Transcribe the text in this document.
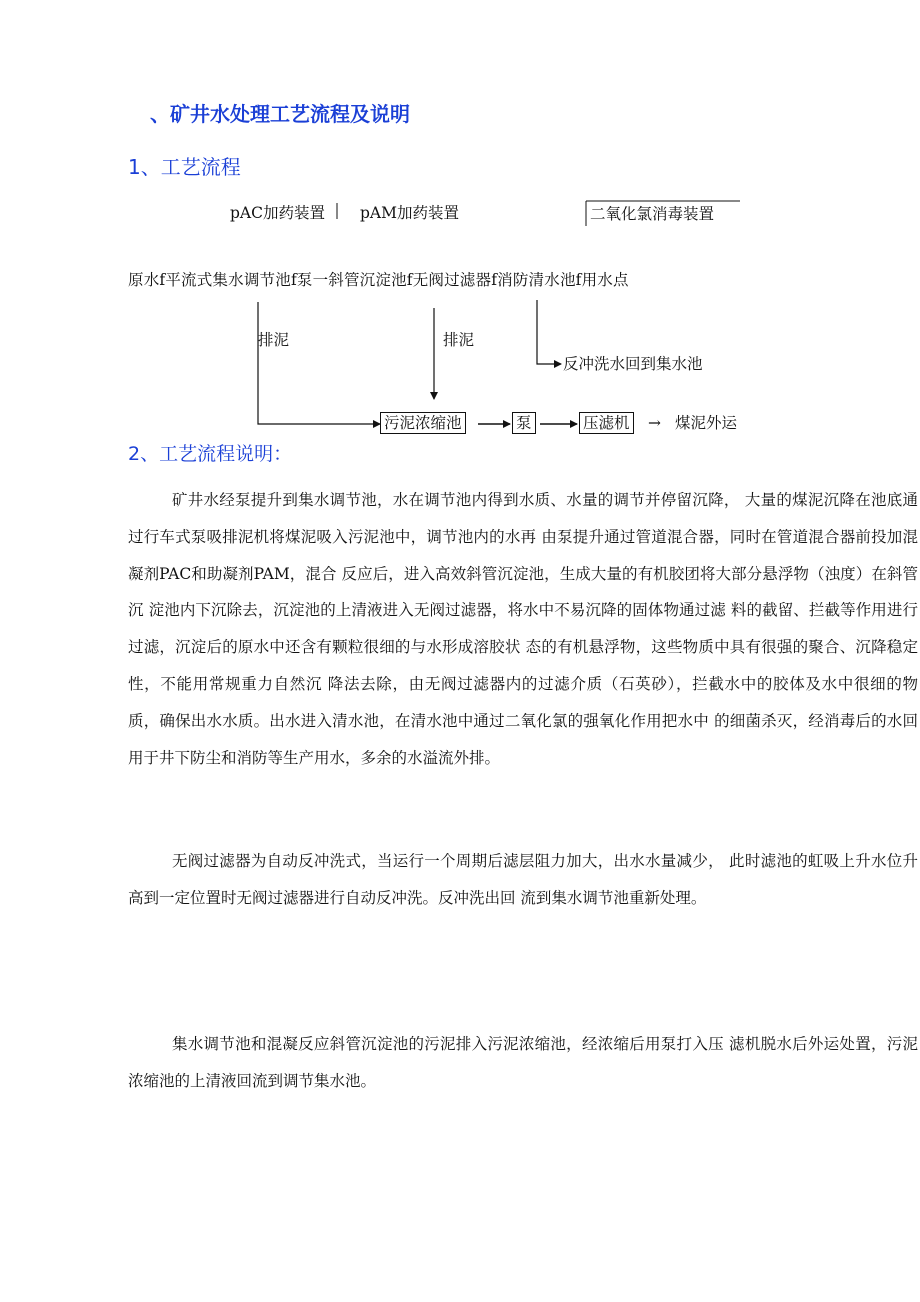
、矿井水处理工艺流程及说明
1、工艺流程
pAC加药装置 pAM加药装置	二氧化氯消毒装置
原水f平流式集水调节池f泵一斜管沉淀池f无阀过滤器f消防清水池f用水点
排泥	排泥
反冲洗水回到集水池
污泥浓缩池	泵	压滤机 → 煤泥外运
2、工艺流程说明：

矿井水经泵提升到集水调节池，水在调节池内得到水质、水量的调节并停留沉降， 大量的煤泥沉降在池底通过行车式泵吸排泥机将煤泥吸入污泥池中，调节池内的水再 由泵提升通过管道混合器，同时在管道混合器前投加混凝剂PAC和助凝剂PAM，混合 反应后，进入高效斜管沉淀池，生成大量的有机胶团将大部分悬浮物（浊度）在斜管沉 淀池内下沉除去，沉淀池的上清液进入无阀过滤器，将水中不易沉降的固体物通过滤 料的截留、拦截等作用进行过滤，沉淀后的原水中还含有颗粒很细的与水形成溶胶状 态的有机悬浮物，这些物质中具有很强的聚合、沉降稳定性，不能用常规重力自然沉 降法去除，由无阀过滤器内的过滤介质（石英砂），拦截水中的胶体及水中很细的物 质，确保出水水质。出水进入清水池，在清水池中通过二氧化氯的强氧化作用把水中 的细菌杀灭，经消毒后的水回用于井下防尘和消防等生产用水，多余的水溢流外排。

无阀过滤器为自动反冲洗式，当运行一个周期后滤层阻力加大，出水水量减少， 此时滤池的虹吸上升水位升高到一定位置时无阀过滤器进行自动反冲洗。反冲洗出回 流到集水调节池重新处理。

集水调节池和混凝反应斜管沉淀池的污泥排入污泥浓缩池，经浓缩后用泵打入压 滤机脱水后外运处置，污泥浓缩池的上清液回流到调节集水池。
